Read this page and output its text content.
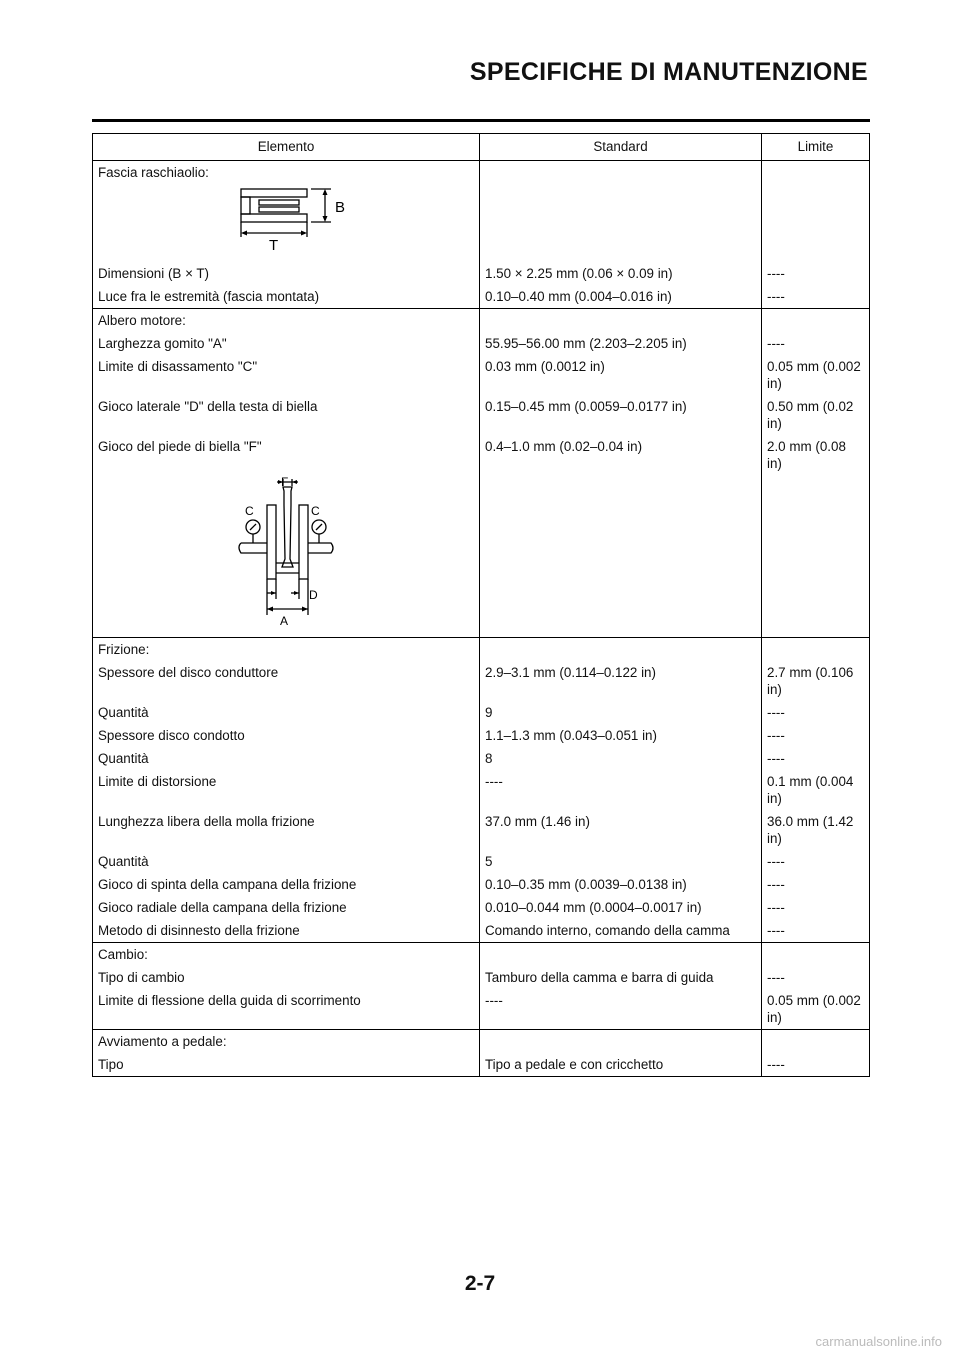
SPECIFICHE DI MANUTENZIONE
Elemento	Standard	Limite
Fascia raschiaolio:		

B
T		

Dimensioni (B × T)	1.50 × 2.25 mm (0.06 × 0.09 in)	----
Luce fra le estremità (fascia montata)	0.10–0.40 mm (0.004–0.016 in)	----
Albero motore:		
Larghezza gomito "A"	55.95–56.00 mm (2.203–2.205 in)	----
Limite di disassamento "C"	0.03 mm (0.0012 in)	0.05 mm (0.002 in)
Gioco laterale "D" della testa di biella	0.15–0.45 mm (0.0059–0.0177 in)	0.50 mm (0.02 in)
Gioco del piede di biella "F"	0.4–1.0 mm (0.02–0.04 in)	2.0 mm (0.08 in)

F
C C
D
A		

Frizione:		
Spessore del disco conduttore	2.9–3.1 mm (0.114–0.122 in)	2.7 mm (0.106 in)
Quantità	9	----
Spessore disco condotto	1.1–1.3 mm (0.043–0.051 in)	----
Quantità	8	----
Limite di distorsione	----	0.1 mm (0.004 in)
Lunghezza libera della molla frizione	37.0 mm (1.46 in)	36.0 mm (1.42 in)
Quantità	5	----
Gioco di spinta della campana della frizione	0.10–0.35 mm (0.0039–0.0138 in)	----
Gioco radiale della campana della frizione	0.010–0.044 mm (0.0004–0.0017 in)	----
Metodo di disinnesto della frizione	Comando interno, comando della camma	----
Cambio:		
Tipo di cambio	Tamburo della camma e barra di guida	----
Limite di flessione della guida di scorrimento	----	0.05 mm (0.002 in)
Avviamento a pedale:		
Tipo	Tipo a pedale e con cricchetto	----
2-7
carmanualsonline.info
